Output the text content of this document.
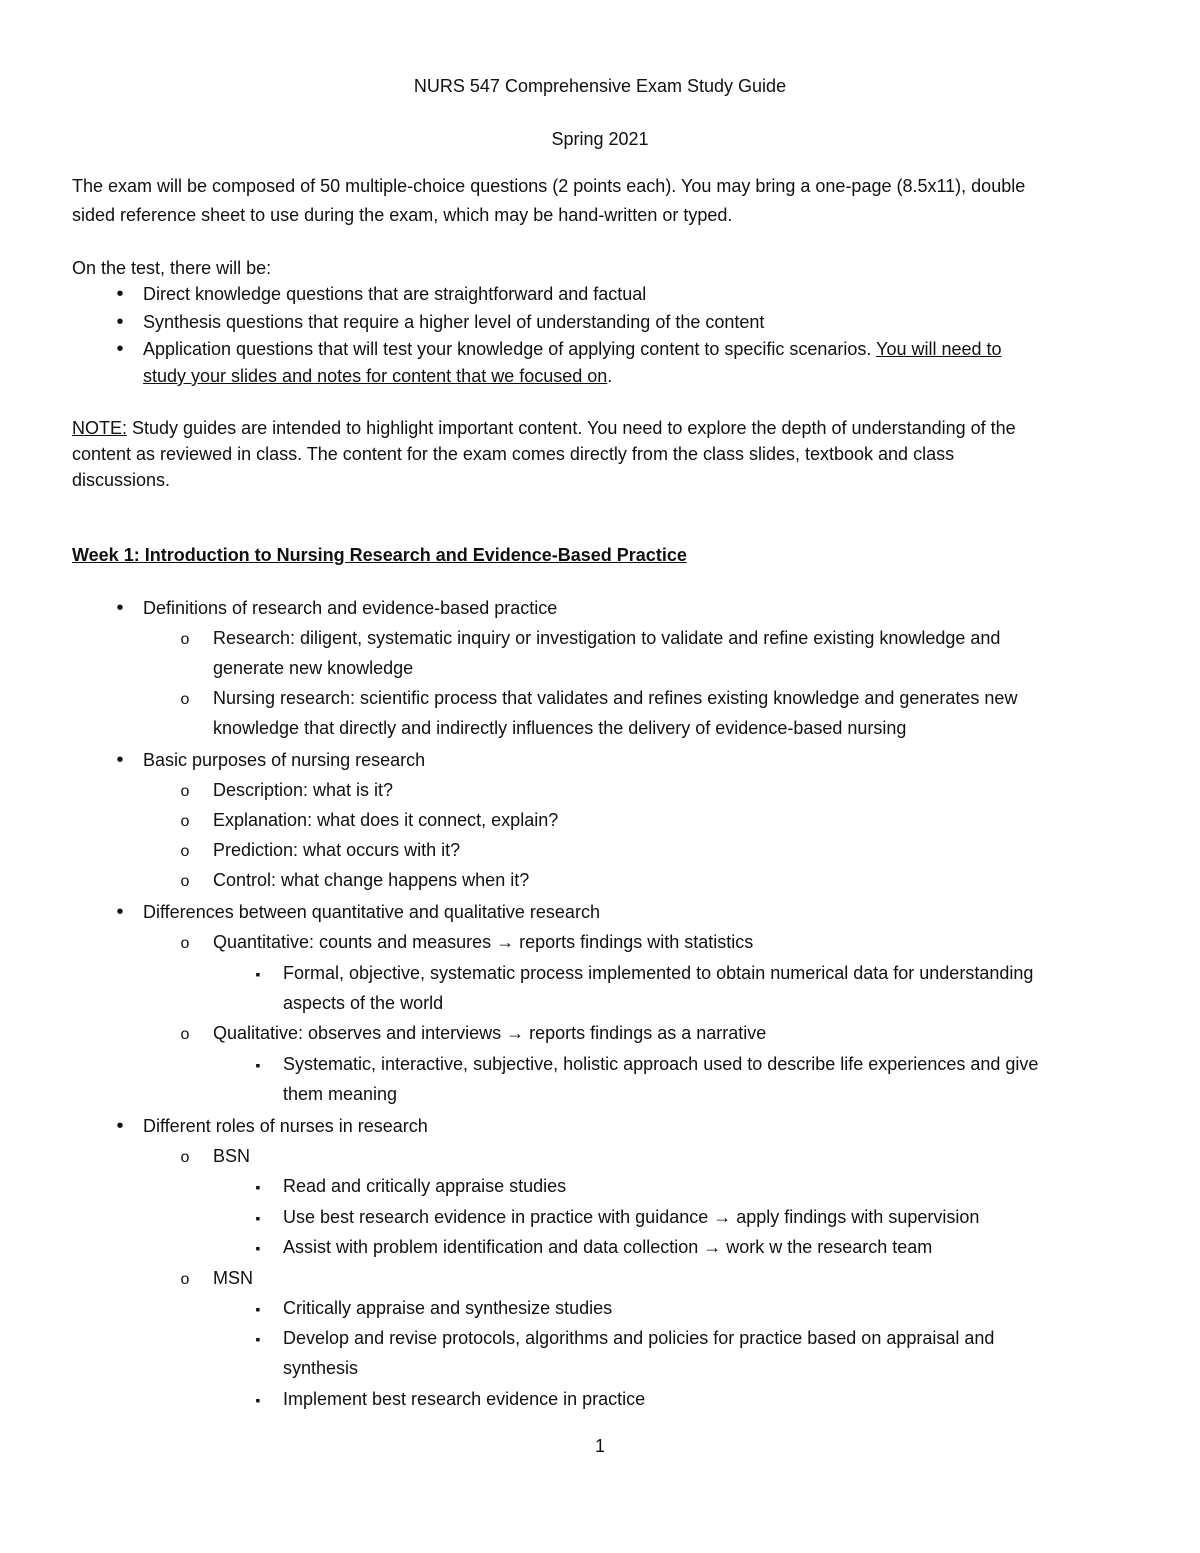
NURS 547 Comprehensive Exam Study Guide
Spring 2021
The exam will be composed of 50 multiple-choice questions (2 points each). You may bring a one-page (8.5x11), double
sided reference sheet to use during the exam, which may be hand-written or typed.
On the test, there will be:
•
Direct knowledge questions that are straightforward and factual
•
Synthesis questions that require a higher level of understanding of the content
•
Application questions that will test your knowledge of applying content to specific scenarios. You will need to
study your slides and notes for content that we focused on.
NOTE: Study guides are intended to highlight important content. You need to explore the depth of understanding of the
content as reviewed in class. The content for the exam comes directly from the class slides, textbook and class
discussions.
Week 1: Introduction to Nursing Research and Evidence-Based Practice
•
Definitions of research and evidence-based practice
o
Research: diligent, systematic inquiry or investigation to validate and refine existing knowledge and
generate new knowledge
o
Nursing research: scientific process that validates and refines existing knowledge and generates new
knowledge that directly and indirectly influences the delivery of evidence-based nursing
•
Basic purposes of nursing research
o
Description: what is it?
o
Explanation: what does it connect, explain?
o
Prediction: what occurs with it?
o
Control: what change happens when it?
•
Differences between quantitative and qualitative research
o
Quantitative: counts and measures → reports findings with statistics
▪
Formal, objective, systematic process implemented to obtain numerical data for understanding
aspects of the world
o
Qualitative: observes and interviews → reports findings as a narrative
▪
Systematic, interactive, subjective, holistic approach used to describe life experiences and give
them meaning
•
Different roles of nurses in research
o
BSN
▪
Read and critically appraise studies
▪
Use best research evidence in practice with guidance → apply findings with supervision
▪
Assist with problem identification and data collection → work w the research team
o
MSN
▪
Critically appraise and synthesize studies
▪
Develop and revise protocols, algorithms and policies for practice based on appraisal and
synthesis
▪
Implement best research evidence in practice
1
